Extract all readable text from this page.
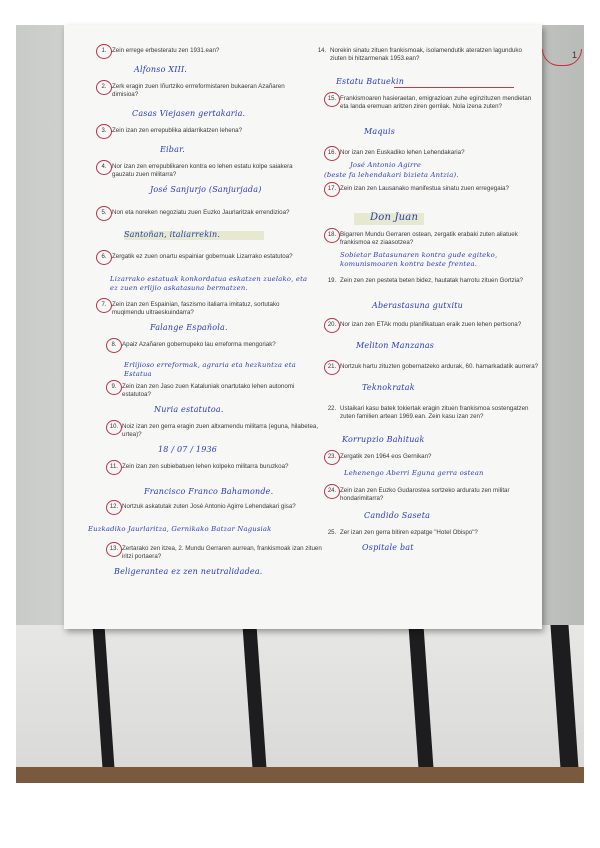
1
1. Zein errege erbesteratu zen 1931.ean?
Alfonso XIII.
2. Zerk eragin zuen Iñurtziko errreformistaren bukaeran Azañaren dimisioa?
Casas Viejasen gertakaria.
3. Zein izan zen errepublika aldarrikatzen lehena?
Eibar.
4. Nor izan zen errepublikaren kontra eo lehen estatu kolpe saiakera gauzatu zuen militarra?
José Sanjurjo (Sanjurjada)
5. Non eta noreken negoziatu zuen Euzko Jaurlaritzak errendizioa?
Santoñan, italiarrekin.
6. Zergatik ez zuen onartu espainiar gobernuak Lizarrako estatutoa?
Lizarrako estatuak konkordatua eskatzen zuelako, eta ez zuen erlijio askatasuna bermatzen.
7. Zein izan zen Espainian, faszismo italiarra imitatuz, sortutako muqimendu ultraeskuindarra?
Falange Española.
8. Apaiz Azañaren gobernupeko lau erreforma mengoriak?
Erlijioso erreformak, agraria eta hezkuntza eta Estatua
9. Zein izan zen Jaso zuen Kataluniak onartutako lehen autonomi estatutoa?
Nuria estatutoa.
10. Noiz izan zen gerra eragin zuen altxamendu militarra (eguna, hilabetea, urtea)?
18 / 07 / 1936
11. Zein izan zen subiebatuen lehen kolpeko militarra buruzkoa?
Francisco Franco Bahamonde.
12. Nortzuk askatutak zuten José Antonio Agirre Lehendakari gisa?
Euzkadiko Jaurlaritza, Gernikako Batzar Nagusiak
13. Zertarako zen itzea, 2. Mundu Gerraren aurrean, frankismoak izan zituen iritzi portaera?
Beligerantea ez zen neutralidadea.
14. Norekin sinatu zituen frankismoak, isolamendutik ateratzen lagunduko ziuten bi hitzarmenak 1953.ean?
Estatu Batuekin
15. Frankismoaren hasieraetan, emigrazioan zuhe eginzituzen mendietan eta landa eremuan aritzen ziren gerrilak. Nola izena zuten?
Maquis
16. Nor izan zen Euskadiko lehen Lehendakaria?
José Antonio Agirre
(beste fa lehendakari bizieta Antzia).
17. Zein izan zen Lausanako manifestua sinatu zuen erregegaia?
Don Juan
18. Bigarren Mundu Gerraren ostean, zergatik erabaki zuten aliatuek frankismoa ez ziaasotzea?
Sobietar Batasunaren kontra gude egiteko, komunismoaren kontra beste frentea.
19. Zein zen zen pesteta beten bidez, hautatak harrotu zituen Gortzia?
Aberastasuna gutxitu
20. Nor izan zen ETAk modu planifikatuan eraik zuen lehen pertsona?
Meliton Manzanas
21. Nortzuk hartu zituzten gobernatzeko ardurak, 60. hamarkadatik aurrera?
Teknokratak
22. Ustaikari kasu batek tokiertak eragin zituen frankismoa sostengatzen zuten familien artean 1969.ean. Zein kasu izan zen?
Korrupzio Bahituak
23. Zergatik zen 1964 eos Gernikan?
Lehenengo Aberri Eguna gerra ostean
24. Zein izan zen Euzko Gudarostea sortzeko arduratu zen militar hondarimitarra?
Candido Saseta
25. Zer izan zen gerra bitiren ezpatge "Hotel Obispo"?
Ospitale bat
